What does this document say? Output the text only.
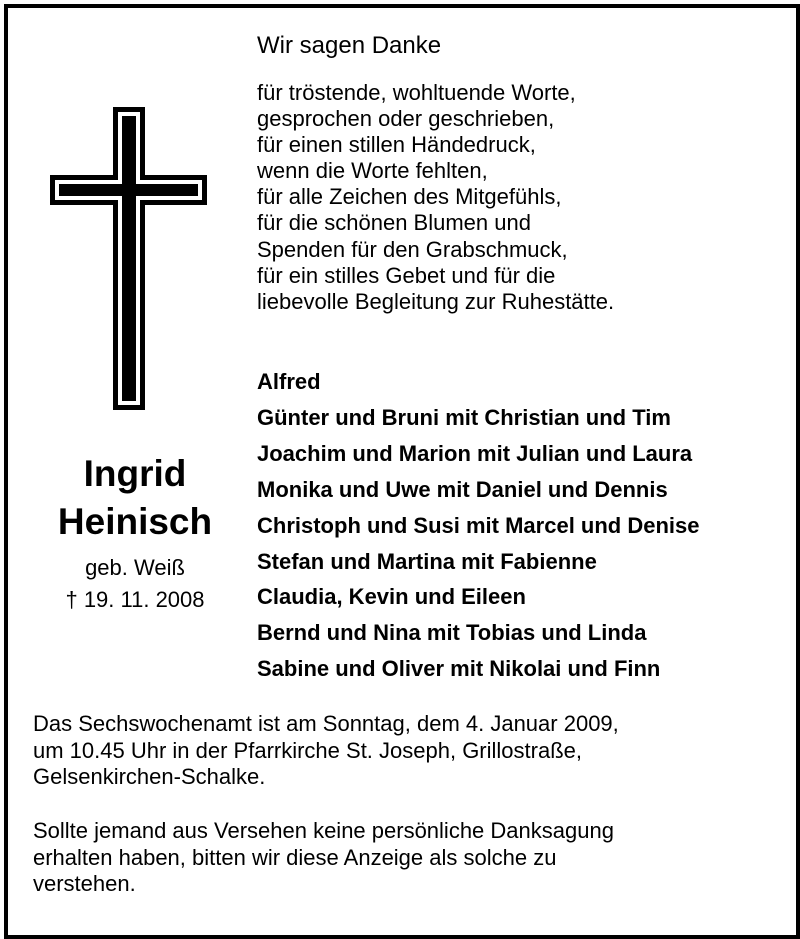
Ingrid
Heinisch
geb. Weiß
† 19. 11. 2008
Wir sagen Danke
für tröstende, wohltuende Worte,
gesprochen oder geschrieben,
für einen stillen Händedruck,
wenn die Worte fehlten,
für alle Zeichen des Mitgefühls,
für die schönen Blumen und
Spenden für den Grabschmuck,
für ein stilles Gebet und für die
liebevolle Begleitung zur Ruhestätte.
Alfred
Günter und Bruni mit Christian und Tim
Joachim und Marion mit Julian und Laura
Monika und Uwe mit Daniel und Dennis
Christoph und Susi mit Marcel und Denise
Stefan und Martina mit Fabienne
Claudia, Kevin und Eileen
Bernd und Nina mit Tobias und Linda
Sabine und Oliver mit Nikolai und Finn
Das Sechswochenamt ist am Sonntag, dem 4. Januar 2009,
um 10.45 Uhr in der Pfarrkirche St. Joseph, Grillostraße,
Gelsenkirchen-Schalke.
Sollte jemand aus Versehen keine persönliche Danksagung
erhalten haben, bitten wir diese Anzeige als solche zu
verstehen.
